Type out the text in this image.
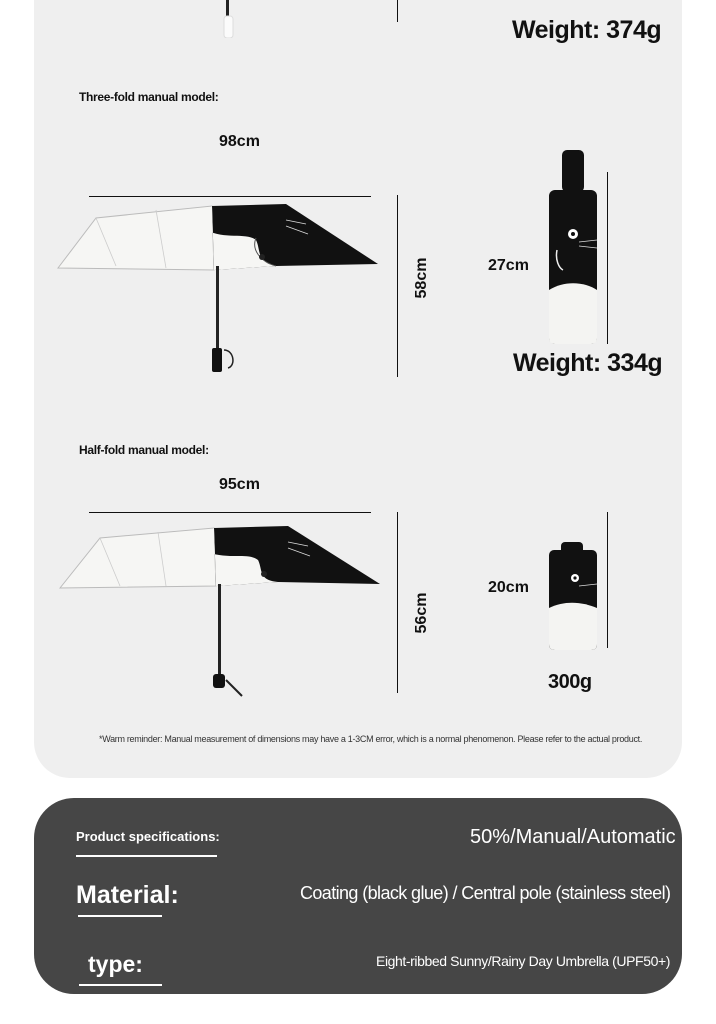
Weight: 374g
Three-fold manual model:
98cm
58cm	27cm
Weight: 334g
Half-fold manual model:
95cm
56cm
20cm
300g
*Warm reminder: Manual measurement of dimensions may have a 1-3CM error, which is a normal phenomenon. Please refer to the actual product.
Product specifications:	50%/Manual/Automatic
Material:	Coating (black glue) / Central pole (stainless steel)
type:	Eight-ribbed Sunny/Rainy Day Umbrella (UPF50+)
